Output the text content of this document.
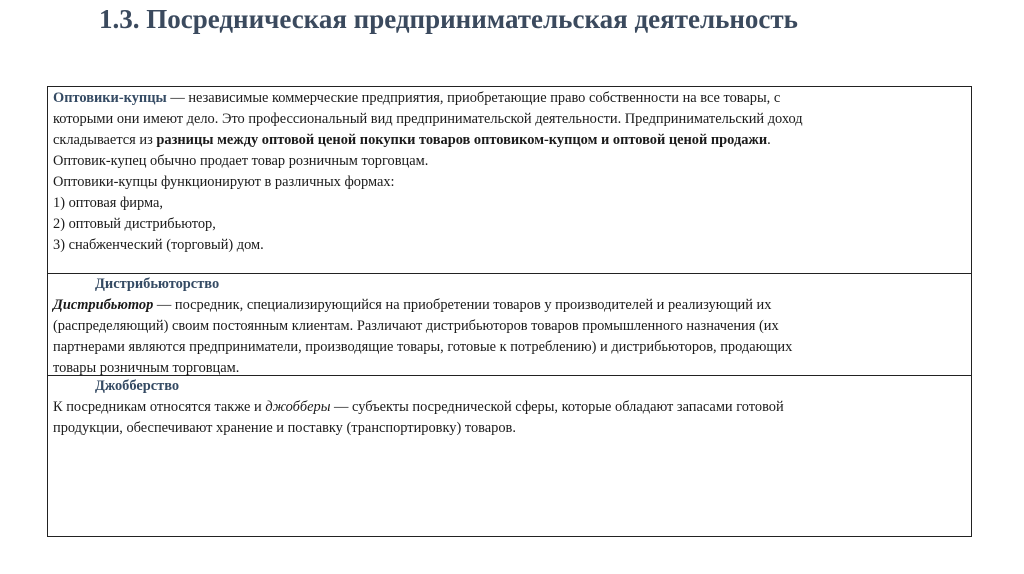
1.3. Посредническая предпринимательская деятельность
Оптовики-купцы — независимые коммерческие предприятия, приобретающие право собственности на все товары, с
которыми они имеют дело. Это профессиональный вид предпринимательской деятельности. Предпринимательский доход
складывается из разницы между оптовой ценой покупки товаров оптовиком-купцом и оптовой ценой продажи.
Оптовик-купец обычно продает товар розничным торговцам.
Оптовики-купцы функционируют в различных формах:
1) оптовая фирма,
2) оптовый дистрибьютор,
3) снабженческий (торговый) дом.
Дистрибьюторство
Дистрибьютор — посредник, специализирующийся на приобретении товаров у производителей и реализующий их
(распределяющий) своим постоянным клиентам. Различают дистрибьюторов товаров промышленного назначения (их
партнерами являются предприниматели, производящие товары, готовые к потреблению) и дистрибьюторов, продающих
товары розничным торговцам.
Джобберство
К посредникам относятся также и джобберы — субъекты посреднической сферы, которые обладают запасами готовой
продукции, обеспечивают хранение и поставку (транспортировку) товаров.
